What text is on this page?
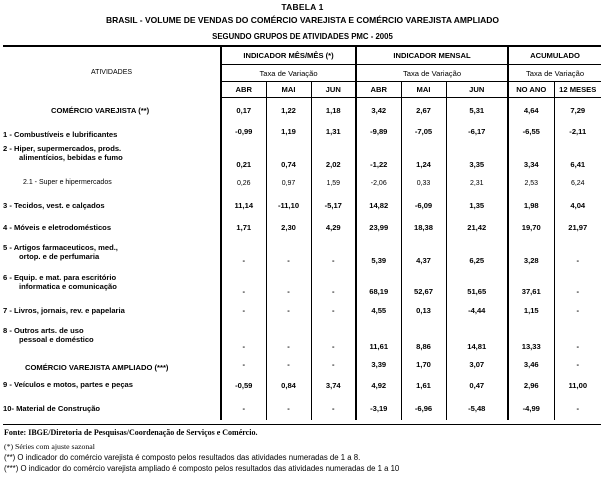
TABELA 1
BRASIL - VOLUME DE VENDAS DO COMÉRCIO VAREJISTA E COMÉRCIO VAREJISTA AMPLIADO
SEGUNDO GRUPOS DE ATIVIDADES PMC - 2005

ATIVIDADES	INDICADOR MÊS/MÊS (*)			INDICADOR MENSAL			ACUMULADO	
	Taxa de Variação			Taxa de Variação			Taxa de Variação	
	ABR	MAI	JUN	ABR	MAI	JUN	NO ANO	12 MESES

COMÉRCIO VAREJISTA (**)	0,17	1,22	1,18	3,42	2,67	5,31	4,64	7,29

1 - Combustíveis e lubrificantes	-0,99	1,19	1,31	-9,89	-7,05	-6,17	-6,55	-2,11

2 - Hiper, supermercados, prods.
alimentícios, bebidas e fumo	0,21	0,74	2,02	-1,22	1,24	3,35	3,34	6,41

2.1 - Super e hipermercados	0,26	0,97	1,59	-2,06	0,33	2,31	2,53	6,24

3 - Tecidos, vest. e calçados	11,14	-11,10	-5,17	14,82	-6,09	1,35	1,98	4,04

4 - Móveis e eletrodomésticos	1,71	2,30	4,29	23,99	18,38	21,42	19,70	21,97

5 - Artigos farmaceuticos, med.,
ortop. e de perfumaria	-	-	-	5,39	4,37	6,25	3,28	-

6 - Equip. e mat. para escritório
informatica e comunicação	-	-	-	68,19	52,67	51,65	37,61	-

7 - Livros, jornais, rev. e papelaria	-	-	-	4,55	0,13	-4,44	1,15	-

8 - Outros arts. de uso
pessoal e doméstico	-	-	-	11,61	8,86	14,81	13,33	-

COMÉRCIO VAREJISTA AMPLIADO (***)	-	-	-	3,39	1,70	3,07	3,46	-

9 - Veículos e motos, partes e peças	-0,59	0,84	3,74	4,92	1,61	0,47	2,96	11,00

10- Material de Construção	-	-	-	-3,19	-6,96	-5,48	-4,99	-

Fonte: IBGE/Diretoria de Pesquisas/Coordenação de Serviços e Comércio.
(*) Séries com ajuste sazonal
(**) O indicador do comércio varejista é composto pelos resultados das atividades numeradas de 1 a 8.
(***) O indicador do comércio varejista ampliado é composto pelos resultados das atividades numeradas de 1 a 10
